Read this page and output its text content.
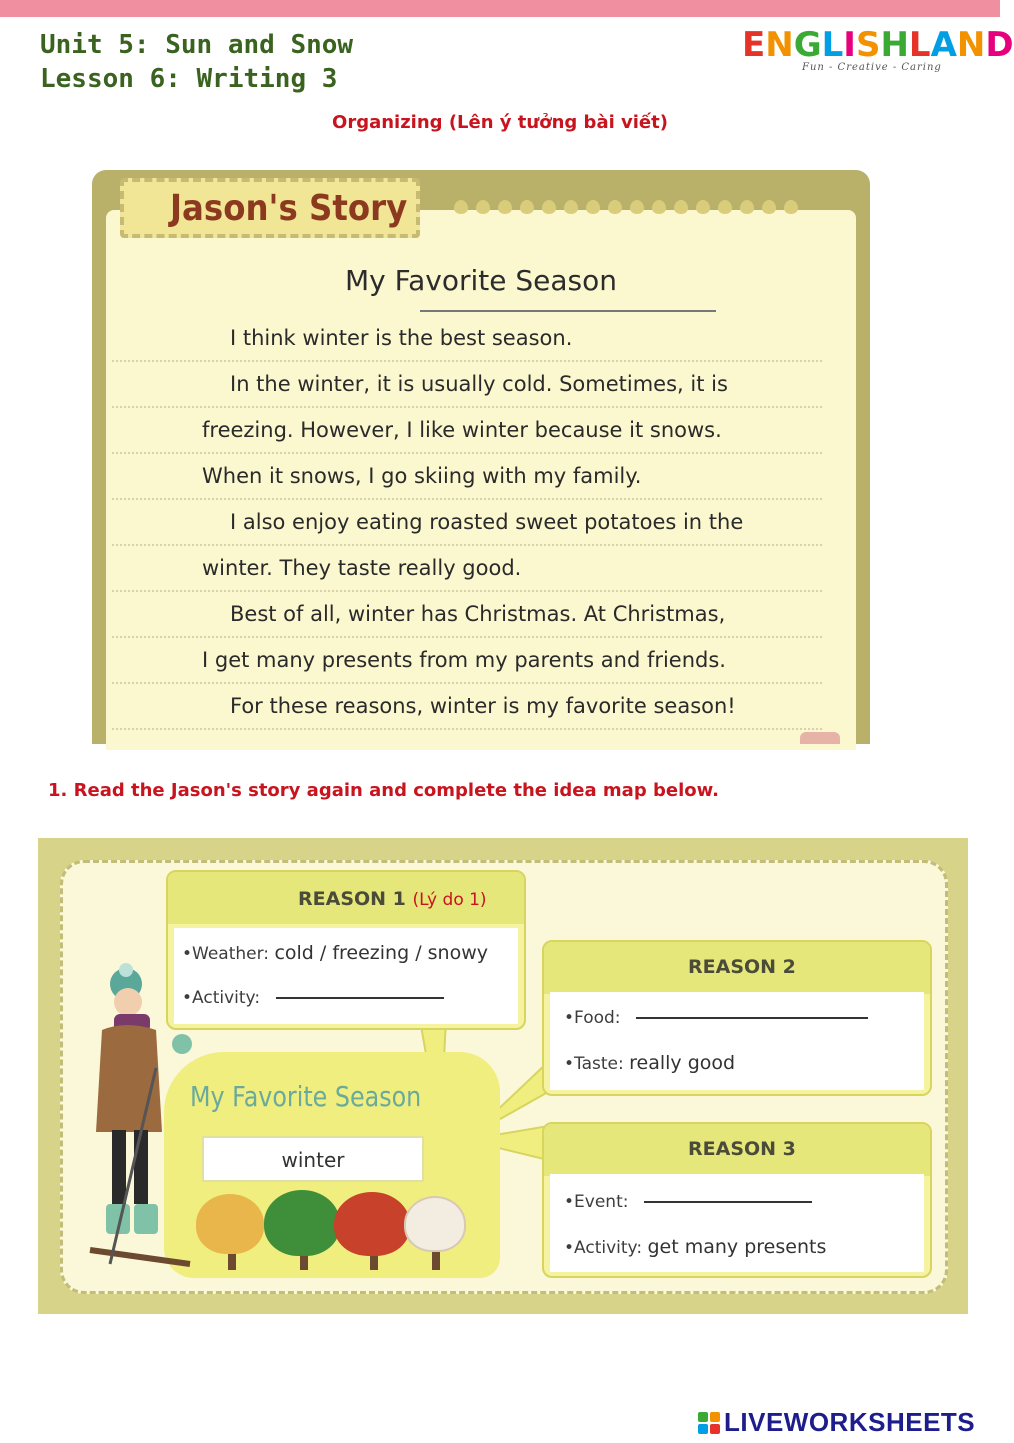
Unit 5: Sun and Snow
Lesson 6: Writing 3
ENGLISHLAND
Fun - Creative - Caring
Organizing (Lên ý tưởng bài viết)
Jason's Story
My Favorite Season
I think winter is the best season.
In the winter, it is usually cold. Sometimes, it is
freezing. However, I like winter because it snows.
When it snows, I go skiing with my family.
I also enjoy eating roasted sweet potatoes in the
winter. They taste really good.
Best of all, winter has Christmas. At Christmas,
I get many presents from my parents and friends.
For these reasons, winter is my favorite season!
1. Read the Jason's story again and complete the idea map below.
REASON 1 (Lý do 1)
•Weather: cold / freezing / snowy
•Activity:
REASON 2
•Food:
•Taste: really good
REASON 3
•Event:
•Activity: get many presents
My Favorite Season
winter
LIVEWORKSHEETS
